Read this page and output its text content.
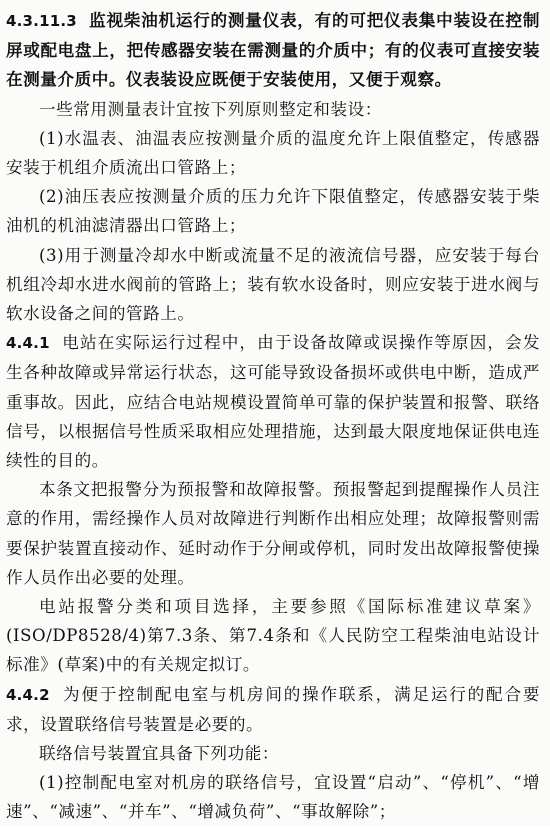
4.3.11.3 监视柴油机运行的测量仪表，有的可把仪表集中装设在控制屏或配电盘上，把传感器安装在需测量的介质中；有的仪表可直接安装在测量介质中。仪表装设应既便于安装使用，又便于观察。

一些常用测量表计宜按下列原则整定和装设：

(1)水温表、油温表应按测量介质的温度允许上限值整定，传感器安装于机组介质流出口管路上；

(2)油压表应按测量介质的压力允许下限值整定，传感器安装于柴油机的机油滤清器出口管路上；

(3)用于测量冷却水中断或流量不足的液流信号器，应安装于每台机组冷却水进水阀前的管路上；装有软水设备时，则应安装于进水阀与软水设备之间的管路上。

4.4.1 电站在实际运行过程中，由于设备故障或误操作等原因，会发生各种故障或异常运行状态，这可能导致设备损坏或供电中断，造成严重事故。因此，应结合电站规模设置简单可靠的保护装置和报警、联络信号，以根据信号性质采取相应处理措施，达到最大限度地保证供电连续性的目的。

本条文把报警分为预报警和故障报警。预报警起到提醒操作人员注意的作用，需经操作人员对故障进行判断作出相应处理；故障报警则需要保护装置直接动作、延时动作于分闸或停机，同时发出故障报警使操作人员作出必要的处理。

电站报警分类和项目选择，主要参照《国际标准建议草案》(ISO/DP8528/4)第7.3条、第7.4条和《人民防空工程柴油电站设计标准》(草案)中的有关规定拟订。

4.4.2 为便于控制配电室与机房间的操作联系，满足运行的配合要求，设置联络信号装置是必要的。

联络信号装置宜具备下列功能：

(1)控制配电室对机房的联络信号，宜设置“启动”、“停机”、“增速”、“减速”、“并车”、“增减负荷”、“事故解除”；
